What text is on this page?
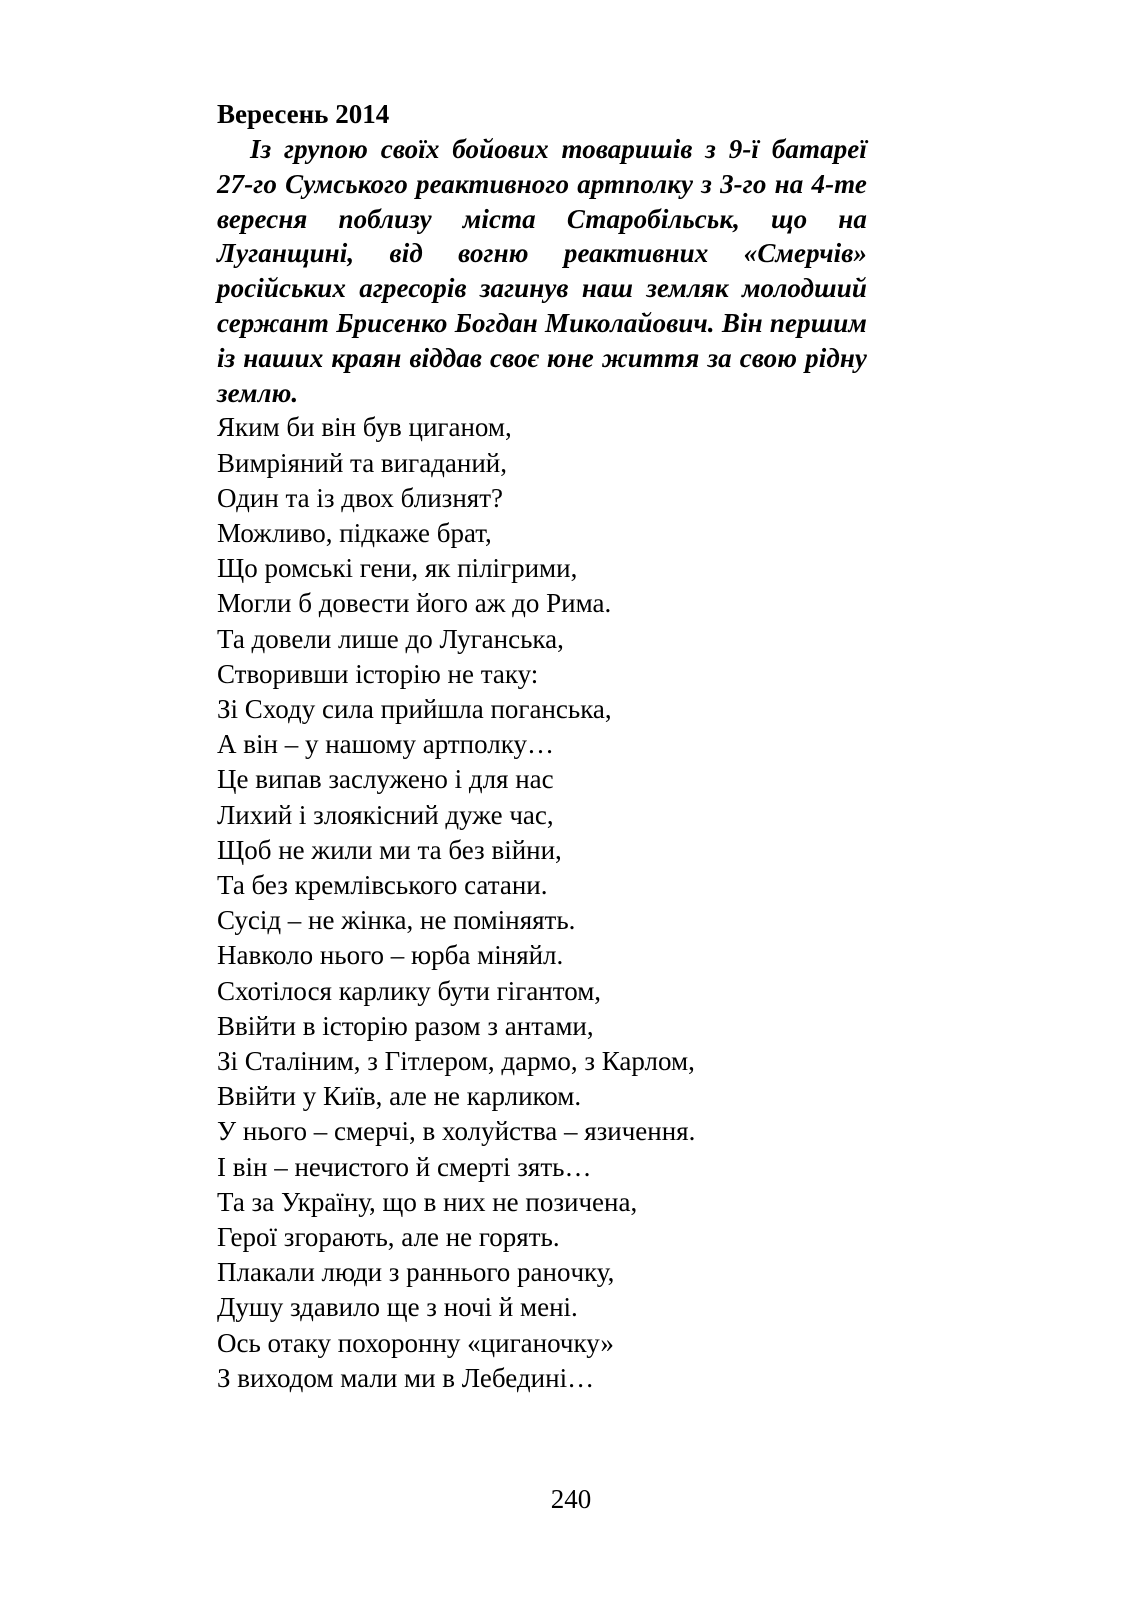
Вересень 2014

Із групою своїх бойових товаришів з 9-ї батареї 27-го Сумського реактивного артполку з 3-го на 4-те вересня поблизу міста Старобільськ, що на Луганщині, від вогню реактивних «Смерчів» російських агресорів загинув наш земляк молодший сержант Брисенко Богдан Миколайович. Він першим із наших краян віддав своє юне життя за свою рідну землю.

Яким би він був циганом,
Вимріяний та вигаданий,
Один та із двох близнят?
Можливо, підкаже брат,
Що ромські гени, як пілігрими,
Могли б довести його аж до Рима.
Та довели лише до Луганська,
Створивши історію не таку:
Зі Сходу сила прийшла поганська,
А він – у нашому артполку…
Це випав заслужено і для нас
Лихий і злоякісний дуже час,
Щоб не жили ми та без війни,
Та без кремлівського сатани.
Сусід – не жінка, не поміняять.
Навколо нього – юрба міняйл.
Схотілося карлику бути гігантом,
Ввійти в історію разом з антами,
Зі Сталіним, з Гітлером, дармо, з Карлом,
Ввійти у Київ, але не карликом.
У нього – смерчі, в холуйства – язичення.
І він – нечистого й смерті зять…
Та за Україну, що в них не позичена,
Герої згорають, але не горять.
Плакали люди з раннього ранoчку,
Душу здавило ще з ночі й мені.
Ось отаку похоронну «циганочку»
З виходом мали ми в Лебедині…
240
